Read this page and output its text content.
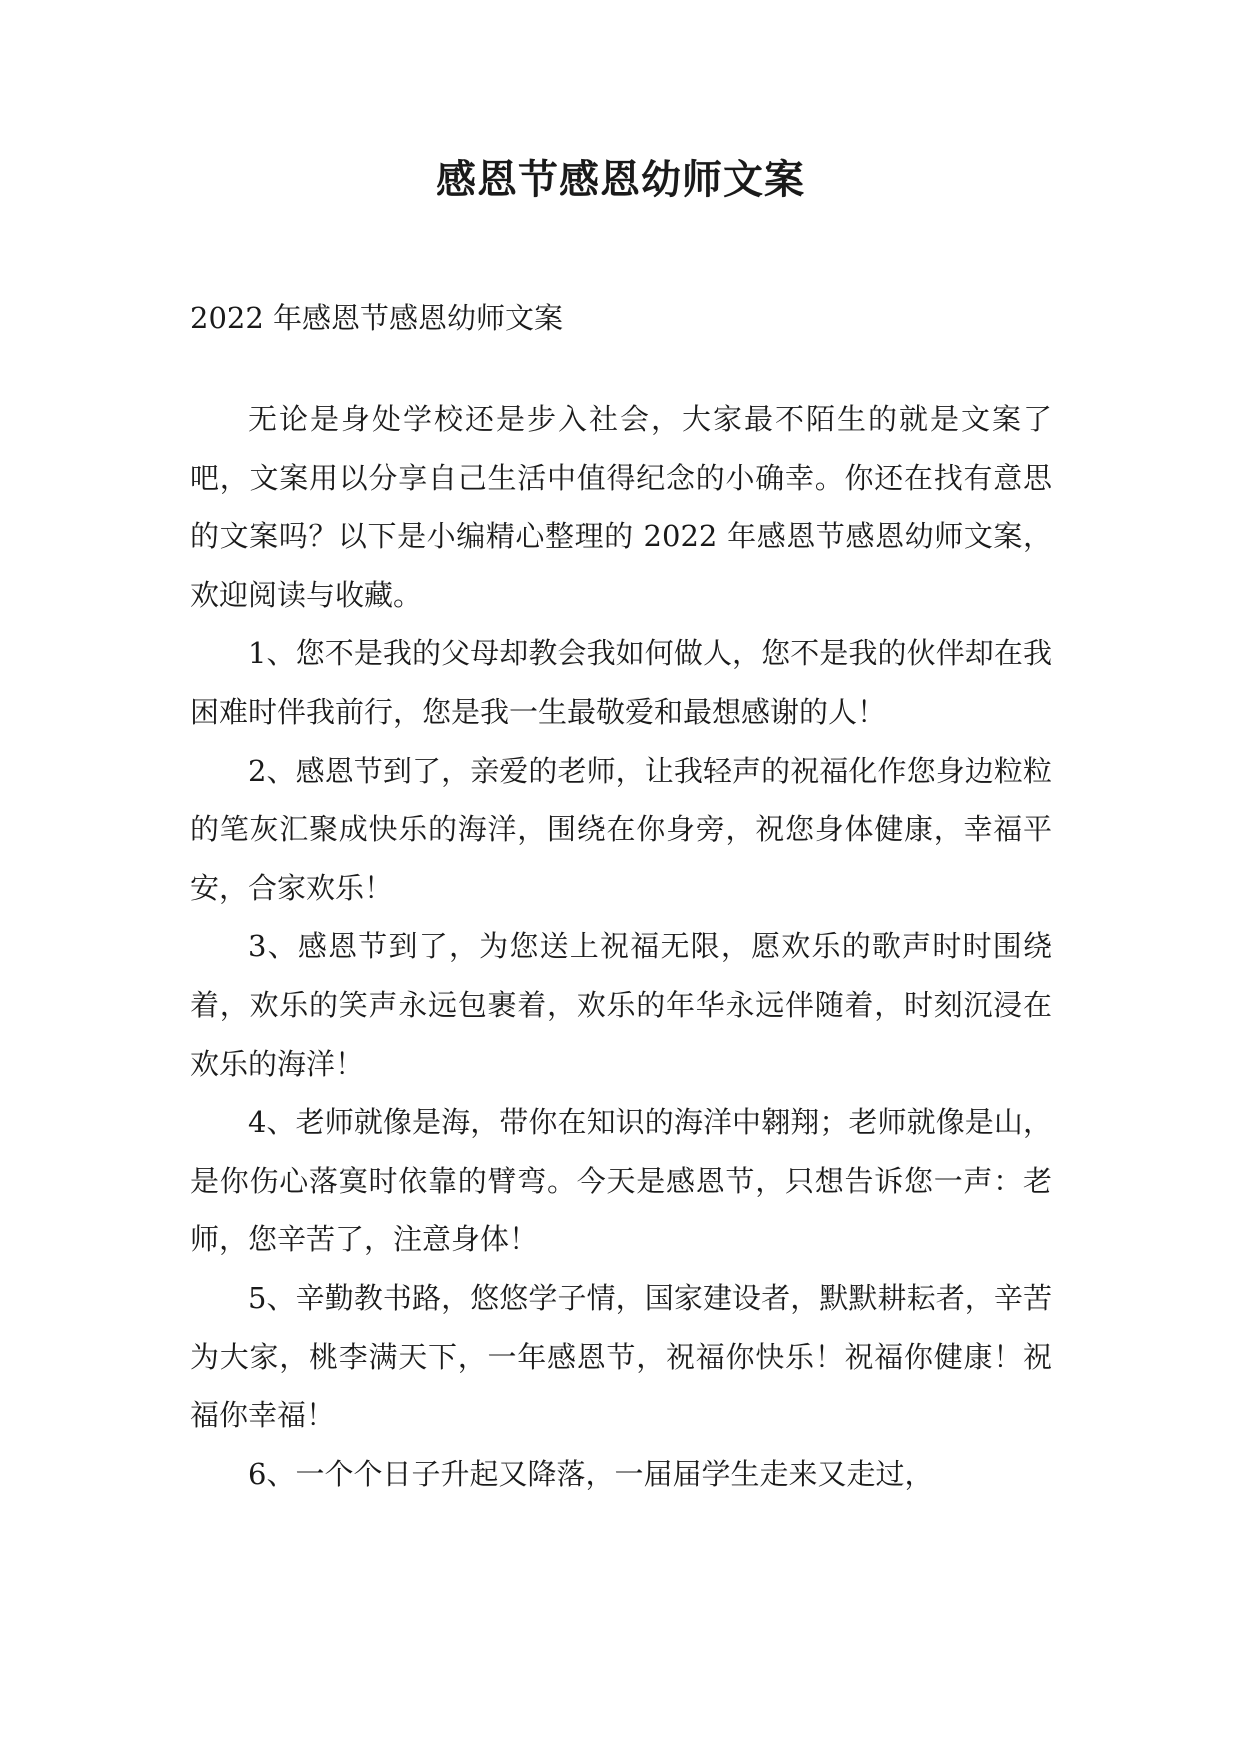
感恩节感恩幼师文案

2022 年感恩节感恩幼师文案

无论是身处学校还是步入社会，大家最不陌生的就是文案了吧，文案用以分享自己生活中值得纪念的小确幸。你还在找有意思的文案吗？以下是小编精心整理的 2022 年感恩节感恩幼师文案，欢迎阅读与收藏。

1、您不是我的父母却教会我如何做人，您不是我的伙伴却在我困难时伴我前行，您是我一生最敬爱和最想感谢的人！

2、感恩节到了，亲爱的老师，让我轻声的祝福化作您身边粒粒的笔灰汇聚成快乐的海洋，围绕在你身旁，祝您身体健康，幸福平安，合家欢乐！

3、感恩节到了，为您送上祝福无限，愿欢乐的歌声时时围绕着，欢乐的笑声永远包裹着，欢乐的年华永远伴随着，时刻沉浸在欢乐的海洋！

4、老师就像是海，带你在知识的海洋中翱翔；老师就像是山，是你伤心落寞时依靠的臂弯。今天是感恩节，只想告诉您一声：老师，您辛苦了，注意身体！

5、辛勤教书路，悠悠学子情，国家建设者，默默耕耘者，辛苦为大家，桃李满天下，一年感恩节，祝福你快乐！祝福你健康！祝福你幸福！

6、一个个日子升起又降落，一届届学生走来又走过，
